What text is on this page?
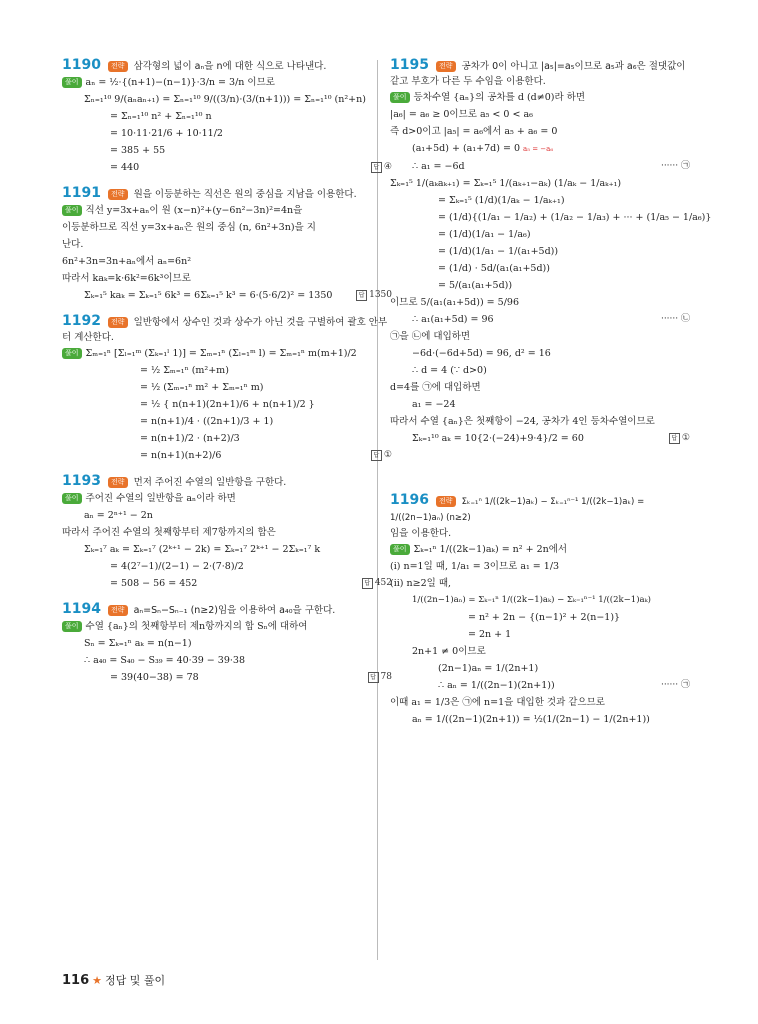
1190 전략 삼각형의 넓이 aₙ을 n에 대한 식으로 나타낸다.
풀이 aₙ = ½·{(n+1)−(n−1)}·3/n = 3/n 이므로
Σₙ₌₁¹⁰ 9/(aₙaₙ₊₁) = Σₙ₌₁¹⁰ 9/((3/n)·(3/(n+1))) = Σₙ₌₁¹⁰ (n²+n)
= Σₙ₌₁¹⁰ n² + Σₙ₌₁¹⁰ n
= 10·11·21/6 + 10·11/2
= 385 + 55
= 440	답 ④
1191 전략 원을 이등분하는 직선은 원의 중심을 지남을 이용한다.
풀이 직선 y=3x+aₙ이 원 (x−n)²+(y−6n²−3n)²=4n을
이등분하므로 직선 y=3x+aₙ은 원의 중심 (n, 6n²+3n)을 지
난다.
6n²+3n=3n+aₙ에서 aₙ=6n²
따라서 kaₖ=k·6k²=6k³이므로
Σₖ₌₁⁵ kaₖ = Σₖ₌₁⁵ 6k³ = 6Σₖ₌₁⁵ k³ = 6·(5·6/2)² = 1350	답 1350
1192 전략 일반항에서 상수인 것과 상수가 아닌 것을 구별하여 괄호 안부터 계산한다.
풀이 Σₘ₌₁ⁿ [Σₗ₌₁ᵐ (Σₖ₌₁ˡ 1)] = Σₘ₌₁ⁿ (Σₗ₌₁ᵐ l) = Σₘ₌₁ⁿ m(m+1)/2
= ½ Σₘ₌₁ⁿ (m²+m)
= ½ (Σₘ₌₁ⁿ m² + Σₘ₌₁ⁿ m)
= ½ { n(n+1)(2n+1)/6 + n(n+1)/2 }
= n(n+1)/4 · ((2n+1)/3 + 1)
= n(n+1)/2 · (n+2)/3
= n(n+1)(n+2)/6	답 ①
1193 전략 먼저 주어진 수열의 일반항을 구한다.
풀이 주어진 수열의 일반항을 aₙ이라 하면
aₙ = 2ⁿ⁺¹ − 2n
따라서 주어진 수열의 첫째항부터 제7항까지의 합은
Σₖ₌₁⁷ aₖ = Σₖ₌₁⁷ (2ᵏ⁺¹ − 2k) = Σₖ₌₁⁷ 2ᵏ⁺¹ − 2Σₖ₌₁⁷ k
= 4(2⁷−1)/(2−1) − 2·(7·8)/2
= 508 − 56 = 452	답 452
1194 전략 aₙ=Sₙ−Sₙ₋₁ (n≥2)임을 이용하여 a₄₀을 구한다.
풀이 수열 {aₙ}의 첫째항부터 제n항까지의 합 Sₙ에 대하여
Sₙ = Σₖ₌₁ⁿ aₖ = n(n−1)
∴ a₄₀ = S₄₀ − S₃₉ = 40·39 − 39·38
= 39(40−38) = 78	답 78
1195 전략 공차가 0이 아니고 |a₅|=a₅이므로 a₅과 a₆은 절댓값이 같고 부호가 다른 두 수임을 이용한다.
풀이 등차수열 {aₙ}의 공차를 d (d≠0)라 하면
|a₆| = a₆ ≥ 0이므로 a₅ < 0 < a₆
즉 d>0이고 |a₅| = a₆에서 a₅ + a₆ = 0
(a₁+5d) + (a₁+7d) = 0 a₅ = −a₆
∴ a₁ = −6d	······ ㉠
Σₖ₌₁⁵ 1/(aₖaₖ₊₁) = Σₖ₌₁⁵ 1/(aₖ₊₁−aₖ) (1/aₖ − 1/aₖ₊₁)
= Σₖ₌₁⁵ (1/d)(1/aₖ − 1/aₖ₊₁)
= (1/d){(1/a₁ − 1/a₂) + (1/a₂ − 1/a₃) + ··· + (1/a₅ − 1/a₆)}
= (1/d)(1/a₁ − 1/a₆)
= (1/d)(1/a₁ − 1/(a₁+5d))
= (1/d) · 5d/(a₁(a₁+5d))
= 5/(a₁(a₁+5d))
이므로 5/(a₁(a₁+5d)) = 5/96
∴ a₁(a₁+5d) = 96	······ ㉡
㉠을 ㉡에 대입하면
−6d·(−6d+5d) = 96, d² = 16
∴ d = 4 (∵ d>0)
d=4를 ㉠에 대입하면
a₁ = −24
따라서 수열 {aₙ}은 첫째항이 −24, 공차가 4인 등차수열이므로
Σₖ₌₁¹⁰ aₖ = 10{2·(−24)+9·4}/2 = 60	답 ①
1196 전략 Σₖ₌₁ⁿ 1/((2k−1)aₖ) − Σₖ₌₁ⁿ⁻¹ 1/((2k−1)aₖ) = 1/((2n−1)aₙ) (n≥2)
임을 이용한다.
풀이 Σₖ₌₁ⁿ 1/((2k−1)aₖ) = n² + 2n에서
(i) n=1일 때, 1/a₁ = 3이므로 a₁ = 1/3
(ii) n≥2일 때,
1/((2n−1)aₙ) = Σₖ₌₁ⁿ 1/((2k−1)aₖ) − Σₖ₌₁ⁿ⁻¹ 1/((2k−1)aₖ)
= n² + 2n − {(n−1)² + 2(n−1)}
= 2n + 1
2n+1 ≠ 0이므로
(2n−1)aₙ = 1/(2n+1)
∴ aₙ = 1/((2n−1)(2n+1))	······ ㉠
이때 a₁ = 1/3은 ㉠에 n=1을 대입한 것과 같으므로
aₙ = 1/((2n−1)(2n+1)) = ½(1/(2n−1) − 1/(2n+1))
116 ★ 정답 및 풀이
